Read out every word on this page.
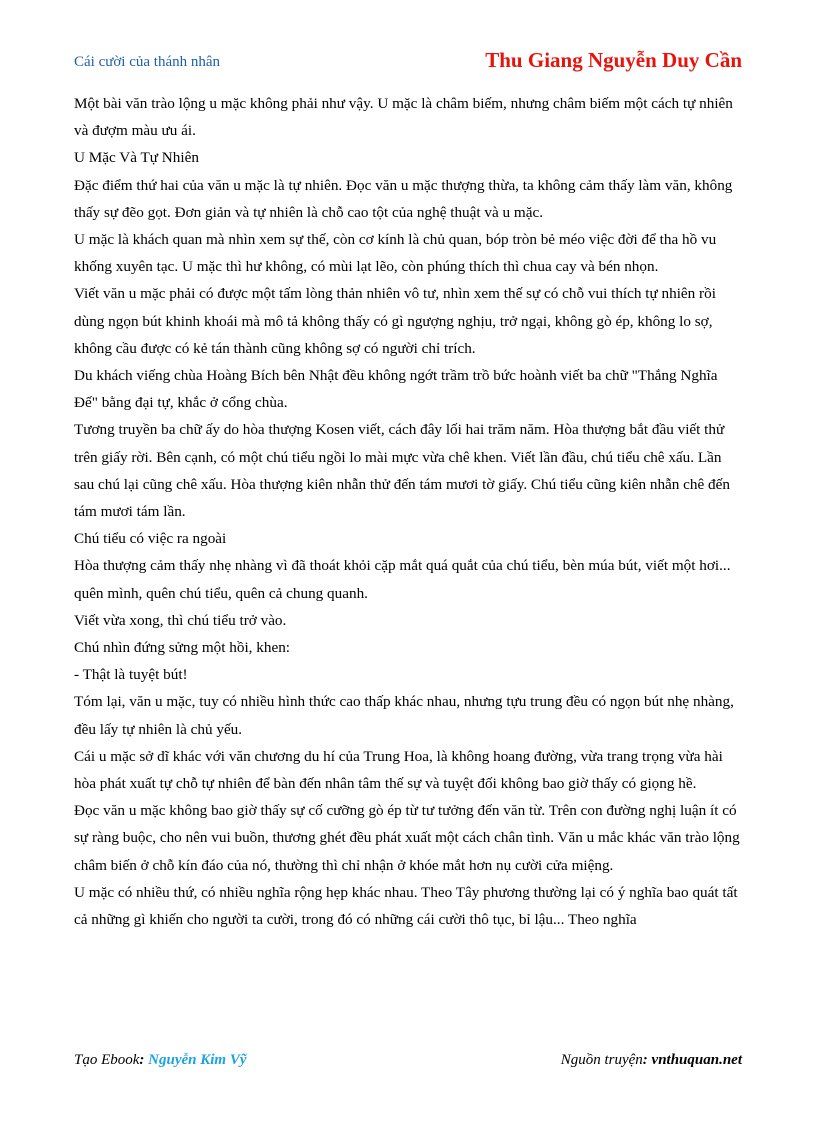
Cái cười của thánh nhân	Thu Giang Nguyễn Duy Cần

Một bài văn trào lộng u mặc không phải như vậy. U mặc là châm biếm, nhưng châm biếm một cách tự nhiên và đượm màu ưu ái.

U Mặc Và Tự Nhiên

Đặc điểm thứ hai của văn u mặc là tự nhiên. Đọc văn u mặc thượng thừa, ta không cảm thấy làm văn, không thấy sự đẽo gọt. Đơn giản và tự nhiên là chỗ cao tột của nghệ thuật và u mặc.

U mặc là khách quan mà nhìn xem sự thế, còn cơ kính là chủ quan, bóp tròn bẻ méo việc đời để tha hồ vu khống xuyên tạc. U mặc thì hư không, có mùi lạt lẽo, còn phúng thích thì chua cay và bén nhọn.

Viết văn u mặc phải có được một tấm lòng thản nhiên vô tư, nhìn xem thế sự có chỗ vui thích tự nhiên rồi dùng ngọn bút khinh khoái mà mô tả không thấy có gì ngượng nghịu, trở ngại, không gò ép, không lo sợ, không cầu được có kẻ tán thành cũng không sợ có người chỉ trích.

Du khách viếng chùa Hoàng Bích bên Nhật đều không ngớt trầm trồ bức hoành viết ba chữ "Thắng Nghĩa Đế" bằng đại tự, khắc ở cổng chùa.

Tương truyền ba chữ ấy do hòa thượng Kosen viết, cách đây lối hai trăm năm. Hòa thượng bắt đầu viết thử trên giấy rời. Bên cạnh, có một chú tiểu ngồi lo mài mực vừa chê khen. Viết lần đầu, chú tiểu chê xấu. Lần sau chú lại cũng chê xấu. Hòa thượng kiên nhẫn thử đến tám mươi tờ giấy. Chú tiểu cũng kiên nhẫn chê đến tám mươi tám lần.

Chú tiểu có việc ra ngoài

Hòa thượng cảm thấy nhẹ nhàng vì đã thoát khỏi cặp mắt quá quắt của chú tiểu, bèn múa bút, viết một hơi... quên mình, quên chú tiểu, quên cả chung quanh.

Viết vừa xong, thì chú tiểu trở vào.

Chú nhìn đứng sửng một hồi, khen:

- Thật là tuyệt bút!

Tóm lại, văn u mặc, tuy có nhiều hình thức cao thấp khác nhau, nhưng tựu trung đều có ngọn bút nhẹ nhàng, đều lấy tự nhiên là chủ yếu.

Cái u mặc sở dĩ khác với văn chương du hí của Trung Hoa, là không hoang đường, vừa trang trọng vừa hài hòa phát xuất tự chỗ tự nhiên để bàn đến nhân tâm thế sự và tuyệt đối không bao giờ thấy có giọng hề.

Đọc văn u mặc không bao giờ thấy sự cố cưỡng gò ép từ tư tưởng đến văn từ. Trên con đường nghị luận ít có sự ràng buộc, cho nên vui buồn, thương ghét đều phát xuất một cách chân tình. Văn u mắc khác văn trào lộng châm biến ở chỗ kín đáo của nó, thường thì chỉ nhận ở khóe mắt hơn nụ cười cửa miệng.

U mặc có nhiều thứ, có nhiều nghĩa rộng hẹp khác nhau. Theo Tây phương thường lại có ý nghĩa bao quát tất cả những gì khiến cho người ta cười, trong đó có những cái cười thô tục, bỉ lậu... Theo nghĩa

Tạo Ebook: Nguyễn Kim Vỹ	Nguồn truyện: vnthuquan.net
